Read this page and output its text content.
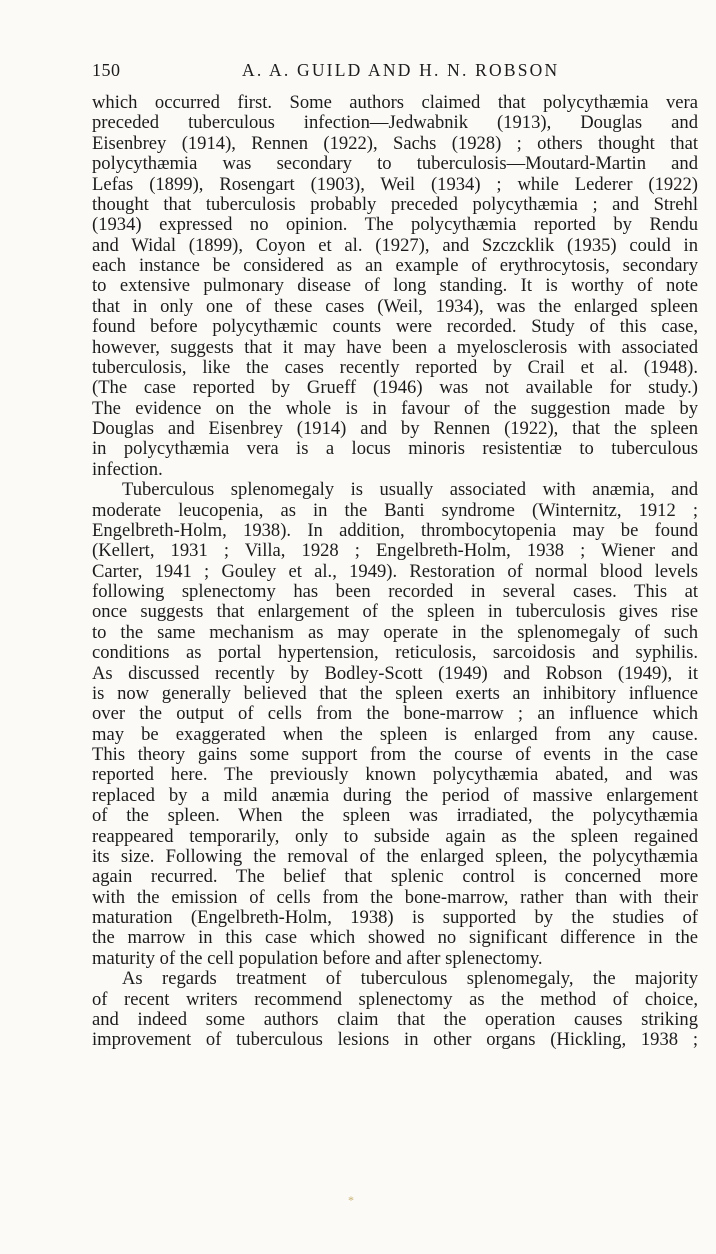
150	A. A. GUILD AND H. N. ROBSON
which occurred first. Some authors claimed that polycythæmia vera
preceded tuberculous infection—Jedwabnik (1913), Douglas and
Eisenbrey (1914), Rennen (1922), Sachs (1928) ; others thought that
polycythæmia was secondary to tuberculosis—Moutard-Martin and
Lefas (1899), Rosengart (1903), Weil (1934) ; while Lederer (1922)
thought that tuberculosis probably preceded polycythæmia ; and Strehl
(1934) expressed no opinion. The polycythæmia reported by Rendu
and Widal (1899), Coyon et al. (1927), and Szczcklik (1935) could in
each instance be considered as an example of erythrocytosis, secondary
to extensive pulmonary disease of long standing. It is worthy of note
that in only one of these cases (Weil, 1934), was the enlarged spleen
found before polycythæmic counts were recorded. Study of this case,
however, suggests that it may have been a myelosclerosis with associated
tuberculosis, like the cases recently reported by Crail et al. (1948).
(The case reported by Grueff (1946) was not available for study.)
The evidence on the whole is in favour of the suggestion made by
Douglas and Eisenbrey (1914) and by Rennen (1922), that the spleen
in polycythæmia vera is a locus minoris resistentiæ to tuberculous
infection.
Tuberculous splenomegaly is usually associated with anæmia, and
moderate leucopenia, as in the Banti syndrome (Winternitz, 1912 ;
Engelbreth-Holm, 1938). In addition, thrombocytopenia may be found
(Kellert, 1931 ; Villa, 1928 ; Engelbreth-Holm, 1938 ; Wiener and
Carter, 1941 ; Gouley et al., 1949). Restoration of normal blood levels
following splenectomy has been recorded in several cases. This at
once suggests that enlargement of the spleen in tuberculosis gives rise
to the same mechanism as may operate in the splenomegaly of such
conditions as portal hypertension, reticulosis, sarcoidosis and syphilis.
As discussed recently by Bodley-Scott (1949) and Robson (1949), it
is now generally believed that the spleen exerts an inhibitory influence
over the output of cells from the bone-marrow ; an influence which
may be exaggerated when the spleen is enlarged from any cause.
This theory gains some support from the course of events in the case
reported here. The previously known polycythæmia abated, and was
replaced by a mild anæmia during the period of massive enlargement
of the spleen. When the spleen was irradiated, the polycythæmia
reappeared temporarily, only to subside again as the spleen regained
its size. Following the removal of the enlarged spleen, the polycythæmia
again recurred. The belief that splenic control is concerned more
with the emission of cells from the bone-marrow, rather than with their
maturation (Engelbreth-Holm, 1938) is supported by the studies of
the marrow in this case which showed no significant difference in the
maturity of the cell population before and after splenectomy.
As regards treatment of tuberculous splenomegaly, the majority
of recent writers recommend splenectomy as the method of choice,
and indeed some authors claim that the operation causes striking
improvement of tuberculous lesions in other organs (Hickling, 1938 ;
*
